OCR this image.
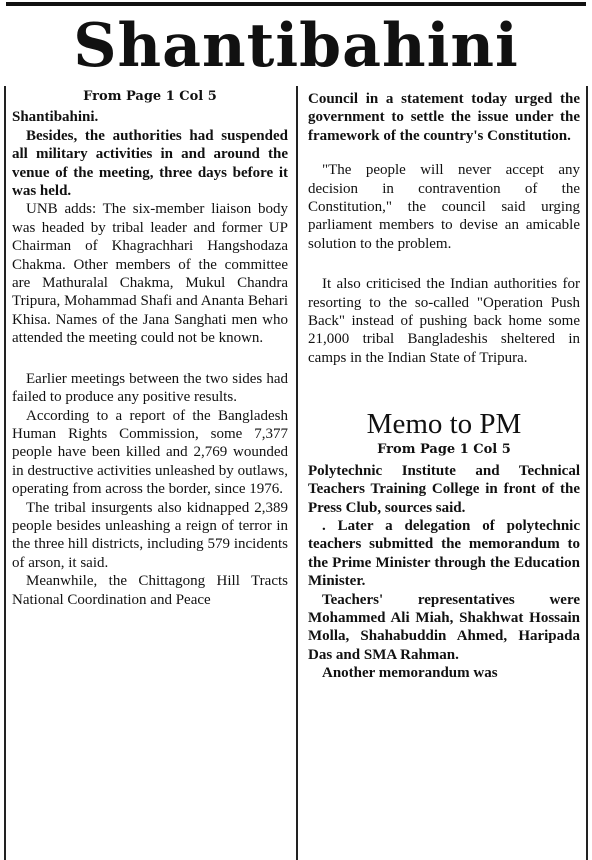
Shantibahini

From Page 1 Col 5

Shantibahini.

Besides, the authorities had suspended all military activities in and around the venue of the meeting, three days before it was held.

UNB adds: The six-member liaison body was headed by tribal leader and former UP Chairman of Khagrachhari Hangshodaza Chakma. Other members of the committee are Mathuralal Chakma, Mukul Chandra Tripura, Mohammad Shafi and Ananta Behari Khisa. Names of the Jana Sanghati men who attended the meeting could not be known.

Earlier meetings between the two sides had failed to produce any positive results.

According to a report of the Bangladesh Human Rights Commission, some 7,377 people have been killed and 2,769 wounded in destructive activities unleashed by outlaws, operating from across the border, since 1976.

The tribal insurgents also kidnapped 2,389 people besides unleashing a reign of terror in the three hill districts, including 579 incidents of arson, it said.

Meanwhile, the Chittagong Hill Tracts National Coordination and Peace

Council in a statement today urged the government to settle the issue under the framework of the country's Constitution.

"The people will never accept any decision in contravention of the Constitution," the council said urging parliament members to devise an amicable solution to the problem.

It also criticised the Indian authorities for resorting to the so-called "Operation Push Back" instead of pushing back home some 21,000 tribal Bangladeshis sheltered in camps in the Indian State of Tripura.

Memo to PM

From Page 1 Col 5

Polytechnic Institute and Technical Teachers Training College in front of the Press Club, sources said.

. Later a delegation of polytechnic teachers submitted the memorandum to the Prime Minister through the Education Minister.

Teachers' representatives were Mohammed Ali Miah, Shakhwat Hossain Molla, Shahabuddin Ahmed, Haripada Das and SMA Rahman.

Another memorandum was
